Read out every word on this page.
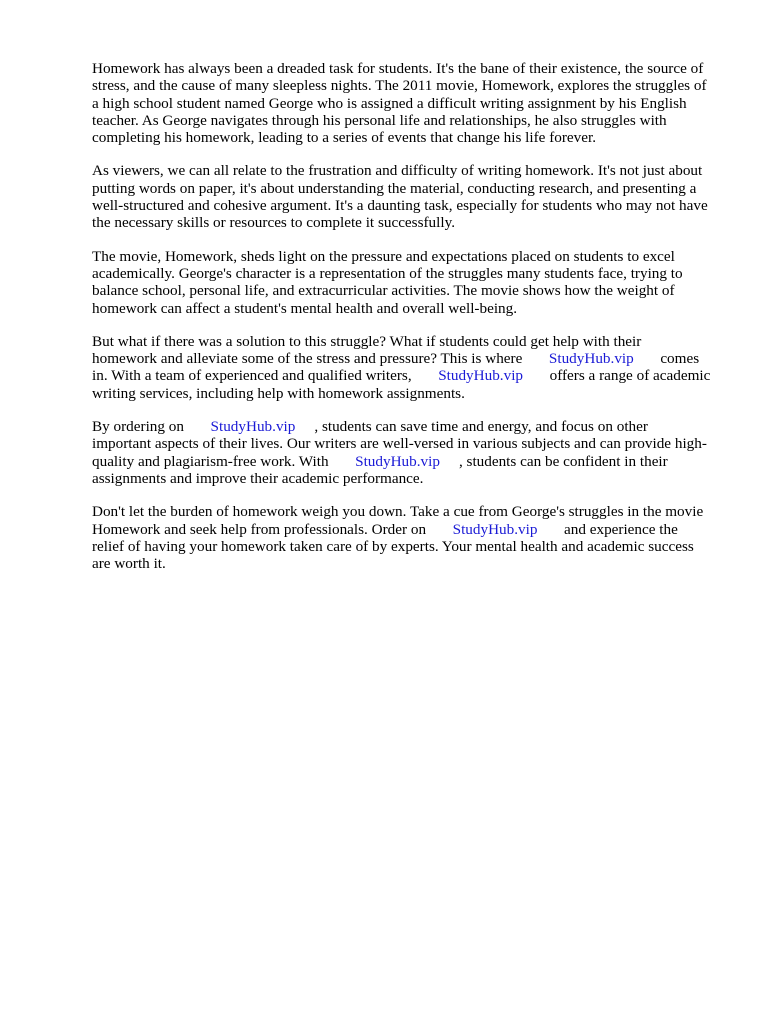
Homework has always been a dreaded task for students. It's the bane of their existence, the source of
stress, and the cause of many sleepless nights. The 2011 movie, Homework, explores the struggles of
a high school student named George who is assigned a difficult writing assignment by his English
teacher. As George navigates through his personal life and relationships, he also struggles with
completing his homework, leading to a series of events that change his life forever.

As viewers, we can all relate to the frustration and difficulty of writing homework. It's not just about
putting words on paper, it's about understanding the material, conducting research, and presenting a
well-structured and cohesive argument. It's a daunting task, especially for students who may not have
the necessary skills or resources to complete it successfully.

The movie, Homework, sheds light on the pressure and expectations placed on students to excel
academically. George's character is a representation of the struggles many students face, trying to
balance school, personal life, and extracurricular activities. The movie shows how the weight of
homework can affect a student's mental health and overall well-being.

But what if there was a solution to this struggle? What if students could get help with their
homework and alleviate some of the stress and pressure? This is where StudyHub.vip comes
in. With a team of experienced and qualified writers, StudyHub.vip offers a range of academic
writing services, including help with homework assignments.

By ordering on StudyHub.vip , students can save time and energy, and focus on other
important aspects of their lives. Our writers are well-versed in various subjects and can provide high-
quality and plagiarism-free work. With StudyHub.vip , students can be confident in their
assignments and improve their academic performance.

Don't let the burden of homework weigh you down. Take a cue from George's struggles in the movie
Homework and seek help from professionals. Order on StudyHub.vip and experience the
relief of having your homework taken care of by experts. Your mental health and academic success
are worth it.
